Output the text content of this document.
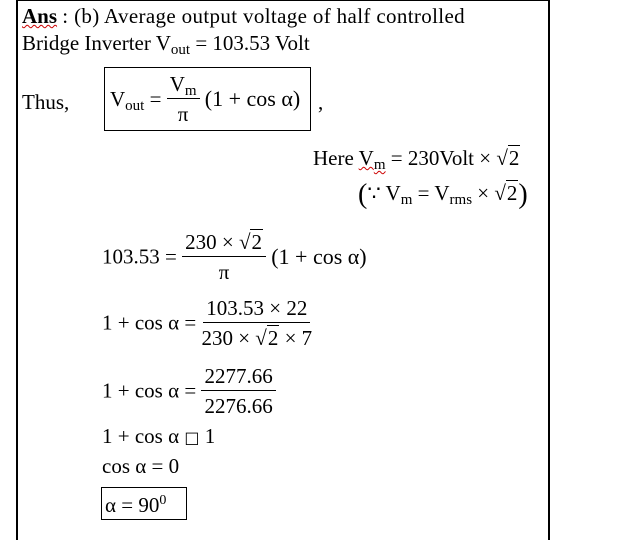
Ans : (b) Average output voltage of half controlled
Bridge Inverter $V_{out} = 103.53$ Volt
Thus, $V_{out} = \frac{V_m}{\pi} (1 + \cos \alpha)$ ,
Here $V_m$ = 230Volt × √2
(∵ $V_m = V_{rms} \times √2$)
$103.53 = \frac{230 \times √2}{\pi} (1 + \cos \alpha)$
$1 + \cos \alpha = \frac{103.53 \times 22}{230 \times √2 \times 7}$
$1 + \cos \alpha = \frac{2277.66}{2276.66}$
1 + cos α □ 1
cos α = 0
$\alpha = 90^0$
